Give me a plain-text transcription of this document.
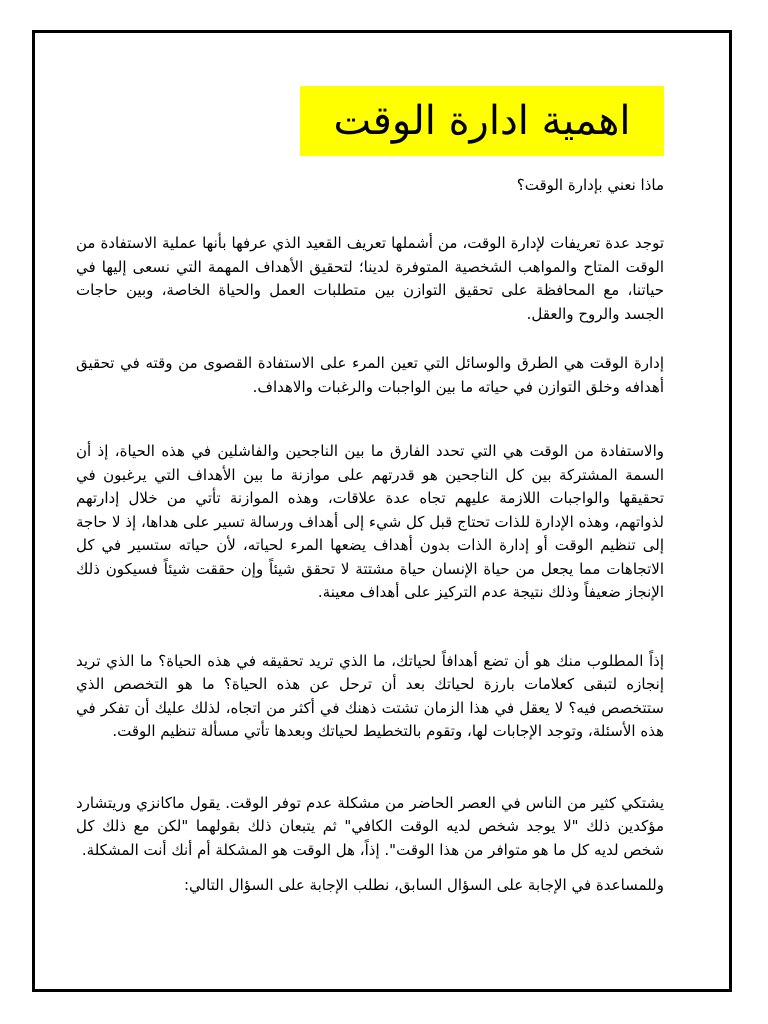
اهمية ادارة الوقت

ماذا نعني بإدارة الوقت؟

توجد عدة تعريفات لإدارة الوقت، من أشملها تعريف القعيد الذي عرفها بأنها عملية الاستفادة من الوقت المتاح والمواهب الشخصية المتوفرة لدينا؛ لتحقيق الأهداف المهمة التي نسعى إليها في حياتنا، مع المحافظة على تحقيق التوازن بين متطلبات العمل والحياة الخاصة، وبين حاجات الجسد والروح والعقل.

إدارة الوقت هي الطرق والوسائل التي تعين المرء على الاستفادة القصوى من وقته في تحقيق أهدافه وخلق التوازن في حياته ما بين الواجبات والرغبات والاهداف.

والاستفادة من الوقت هي التي تحدد الفارق ما بين الناجحين والفاشلين في هذه الحياة، إذ أن السمة المشتركة بين كل الناجحين هو قدرتهم على موازنة ما بين الأهداف التي يرغبون في تحقيقها والواجبات اللازمة عليهم تجاه عدة علاقات، وهذه الموازنة تأتي من خلال إدارتهم لذواتهم، وهذه الإدارة للذات تحتاج قبل كل شيء إلى أهداف ورسالة تسير على هداها، إذ لا حاجة إلى تنظيم الوقت أو إدارة الذات بدون أهداف يضعها المرء لحياته، لأن حياته ستسير في كل الاتجاهات مما يجعل من حياة الإنسان حياة مشتتة لا تحقق شيئاً وإن حققت شيئاً فسيكون ذلك الإنجاز ضعيفاً وذلك نتيجة عدم التركيز على أهداف معينة.

إذاً المطلوب منك هو أن تضع أهدافاً لحياتك، ما الذي تريد تحقيقه في هذه الحياة؟ ما الذي تريد إنجازه لتبقى كعلامات بارزة لحياتك بعد أن ترحل عن هذه الحياة؟ ما هو التخصص الذي ستتخصص فيه؟ لا يعقل في هذا الزمان تشتت ذهنك في أكثر من اتجاه، لذلك عليك أن تفكر في هذه الأسئلة، وتوجد الإجابات لها، وتقوم بالتخطيط لحياتك وبعدها تأتي مسألة تنظيم الوقت.

يشتكي كثير من الناس في العصر الحاضر من مشكلة عدم توفر الوقت. يقول ماكانزي وريتشارد مؤكدين ذلك "لا يوجد شخص لديه الوقت الكافي" ثم يتبعان ذلك بقولهما "لكن مع ذلك كل شخص لديه كل ما هو متوافر من هذا الوقت". إذاً، هل الوقت هو المشكلة أم أنك أنت المشكلة.

وللمساعدة في الإجابة على السؤال السابق، نطلب الإجابة على السؤال التالي:
